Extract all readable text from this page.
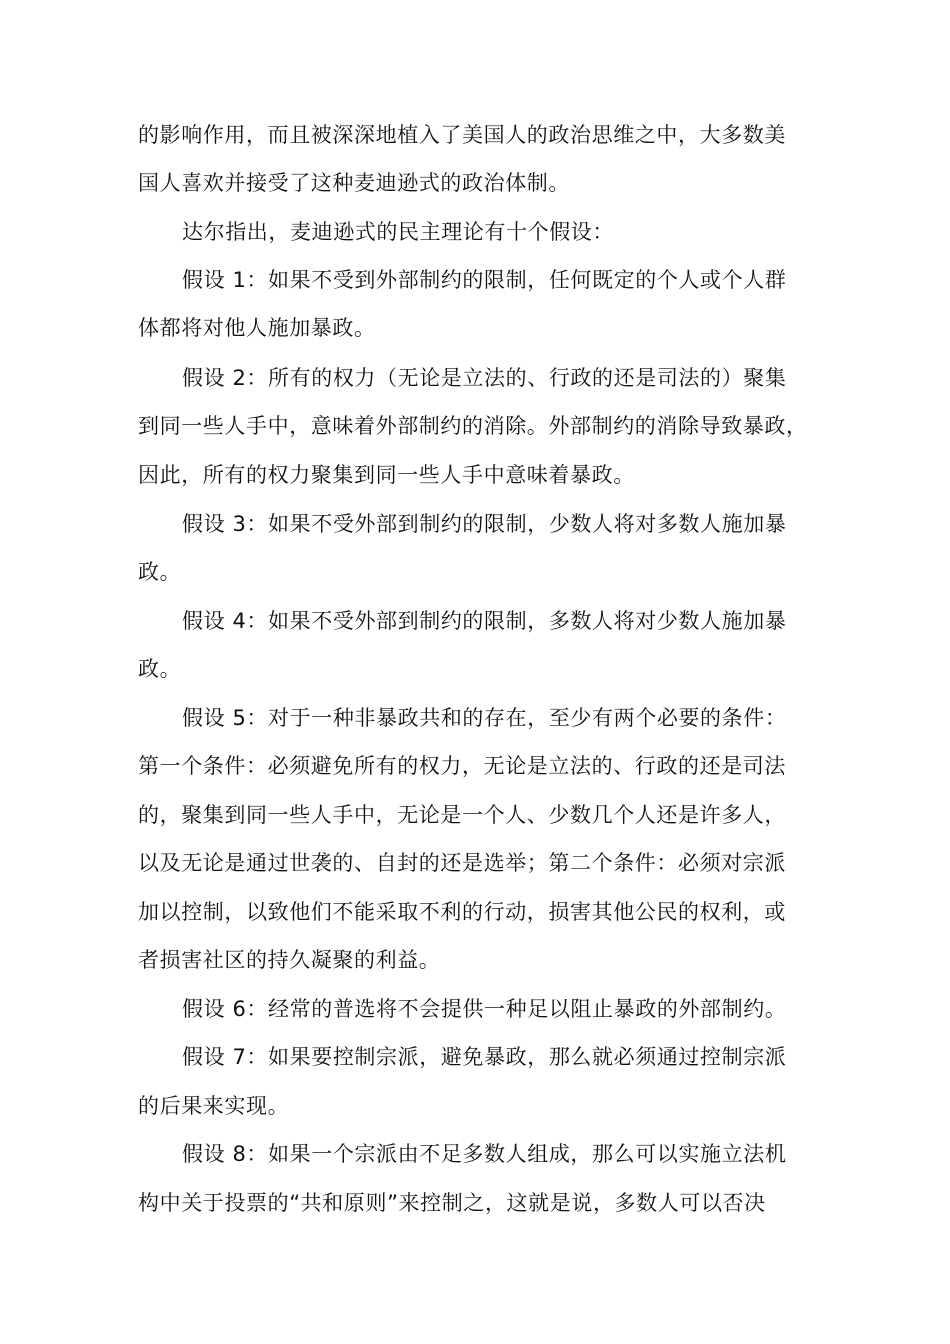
的影响作用，而且被深深地植入了美国人的政治思维之中，大多数美
国人喜欢并接受了这种麦迪逊式的政治体制。
达尔指出，麦迪逊式的民主理论有十个假设：
假设 1：如果不受到外部制约的限制，任何既定的个人或个人群
体都将对他人施加暴政。
假设 2：所有的权力（无论是立法的、行政的还是司法的）聚集
到同一些人手中，意味着外部制约的消除。外部制约的消除导致暴政，
因此，所有的权力聚集到同一些人手中意味着暴政。
假设 3：如果不受外部到制约的限制，少数人将对多数人施加暴
政。
假设 4：如果不受外部到制约的限制，多数人将对少数人施加暴
政。
假设 5：对于一种非暴政共和的存在，至少有两个必要的条件：
第一个条件：必须避免所有的权力，无论是立法的、行政的还是司法
的，聚集到同一些人手中，无论是一个人、少数几个人还是许多人，
以及无论是通过世袭的、自封的还是选举；第二个条件：必须对宗派
加以控制，以致他们不能采取不利的行动，损害其他公民的权利，或
者损害社区的持久凝聚的利益。
假设 6：经常的普选将不会提供一种足以阻止暴政的外部制约。
假设 7：如果要控制宗派，避免暴政，那么就必须通过控制宗派
的后果来实现。
假设 8：如果一个宗派由不足多数人组成，那么可以实施立法机
构中关于投票的“共和原则”来控制之，这就是说，多数人可以否决
